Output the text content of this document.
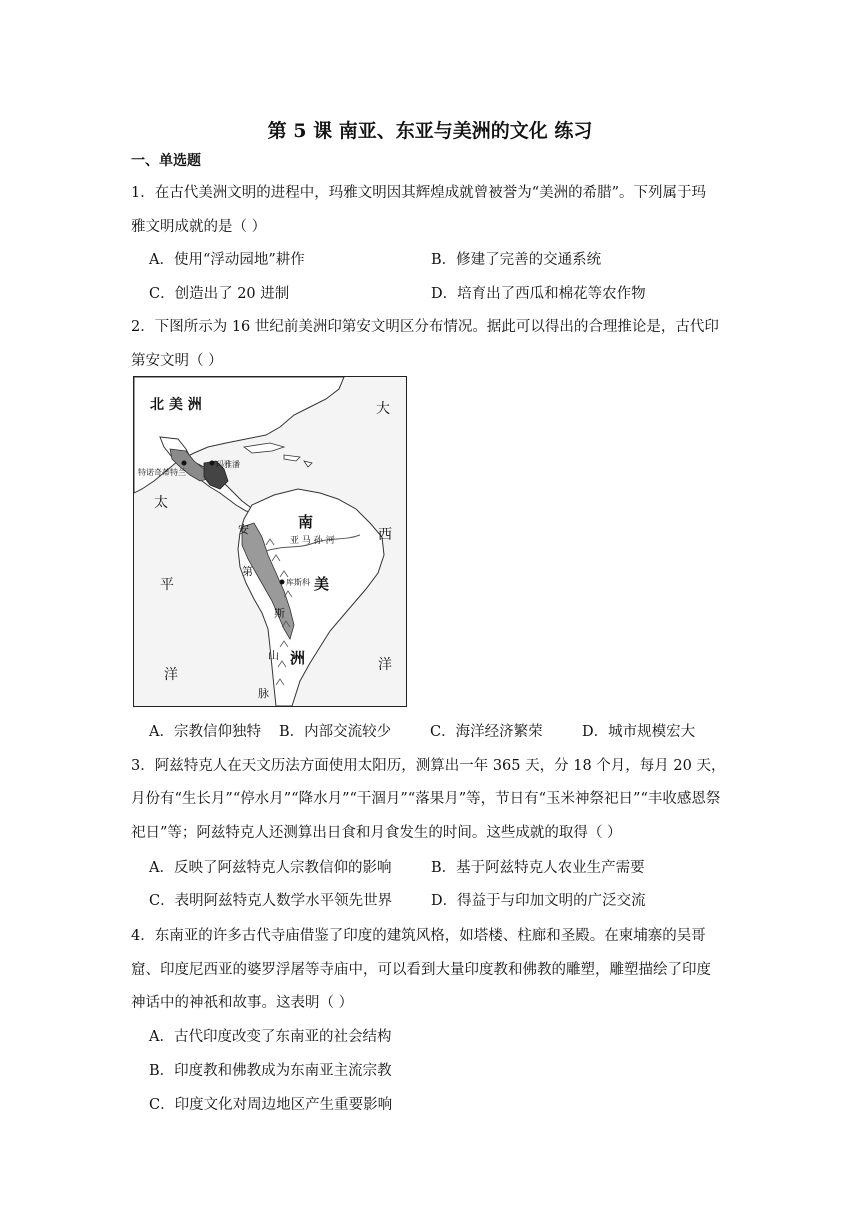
第 5 课 南亚、东亚与美洲的文化 练习
一、单选题
1．在古代美洲文明的进程中，玛雅文明因其辉煌成就曾被誉为“美洲的希腊”。下列属于玛
雅文明成就的是（ ）
A．使用“浮动园地”耕作	B．修建了完善的交通系统
C．创造出了 20 进制	D．培育出了西瓜和棉花等农作物
2．下图所示为 16 世纪前美洲印第安文明区分布情况。据此可以得出的合理推论是，古代印
第安文明（ ）
北 美 洲	大
西
洋
太
平
洋
南
美
洲
亚 马 孙 河
安
第
斯
山
脉
玛雅潘
特诺奇蒂特兰
库斯科
A．宗教信仰独特 B．内部交流较少	C．海洋经济繁荣	D．城市规模宏大
3．阿兹特克人在天文历法方面使用太阳历，测算出一年 365 天，分 18 个月，每月 20 天，
月份有“生长月”“停水月”“降水月”“干涸月”“落果月”等，节日有“玉米神祭祀日”“丰收感恩祭
祀日”等；阿兹特克人还测算出日食和月食发生的时间。这些成就的取得（ ）
A．反映了阿兹特克人宗教信仰的影响	B．基于阿兹特克人农业生产需要
C．表明阿兹特克人数学水平领先世界	D．得益于与印加文明的广泛交流
4．东南亚的许多古代寺庙借鉴了印度的建筑风格，如塔楼、柱廊和圣殿。在柬埔寨的吴哥
窟、印度尼西亚的婆罗浮屠等寺庙中，可以看到大量印度教和佛教的雕塑，雕塑描绘了印度
神话中的神祇和故事。这表明（ ）
A．古代印度改变了东南亚的社会结构
B．印度教和佛教成为东南亚主流宗教
C．印度文化对周边地区产生重要影响
